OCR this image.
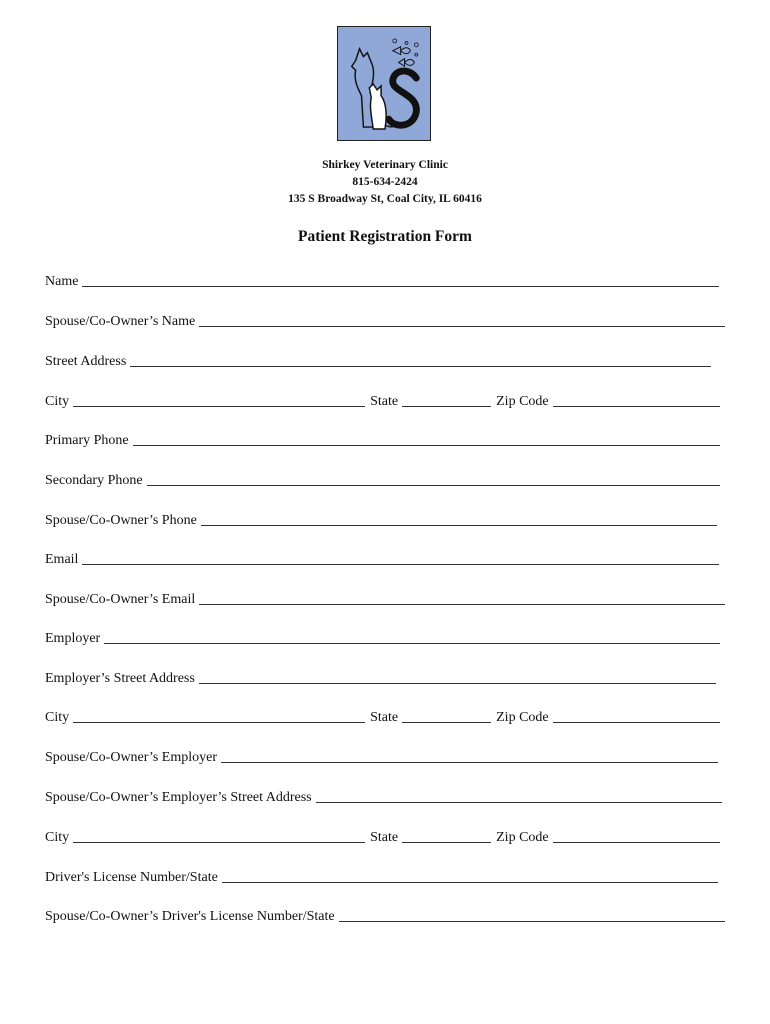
Shirkey Veterinary Clinic
815-634-2424
135 S Broadway St, Coal City, IL 60416
Patient Registration Form
Name
Spouse/Co-Owner’s Name
Street Address
City	State	Zip Code
Primary Phone
Secondary Phone
Spouse/Co-Owner’s Phone
Email
Spouse/Co-Owner’s Email
Employer
Employer’s Street Address
City	State	Zip Code
Spouse/Co-Owner’s Employer
Spouse/Co-Owner’s Employer’s Street Address
City	State	Zip Code
Driver's License Number/State
Spouse/Co-Owner’s Driver's License Number/State
